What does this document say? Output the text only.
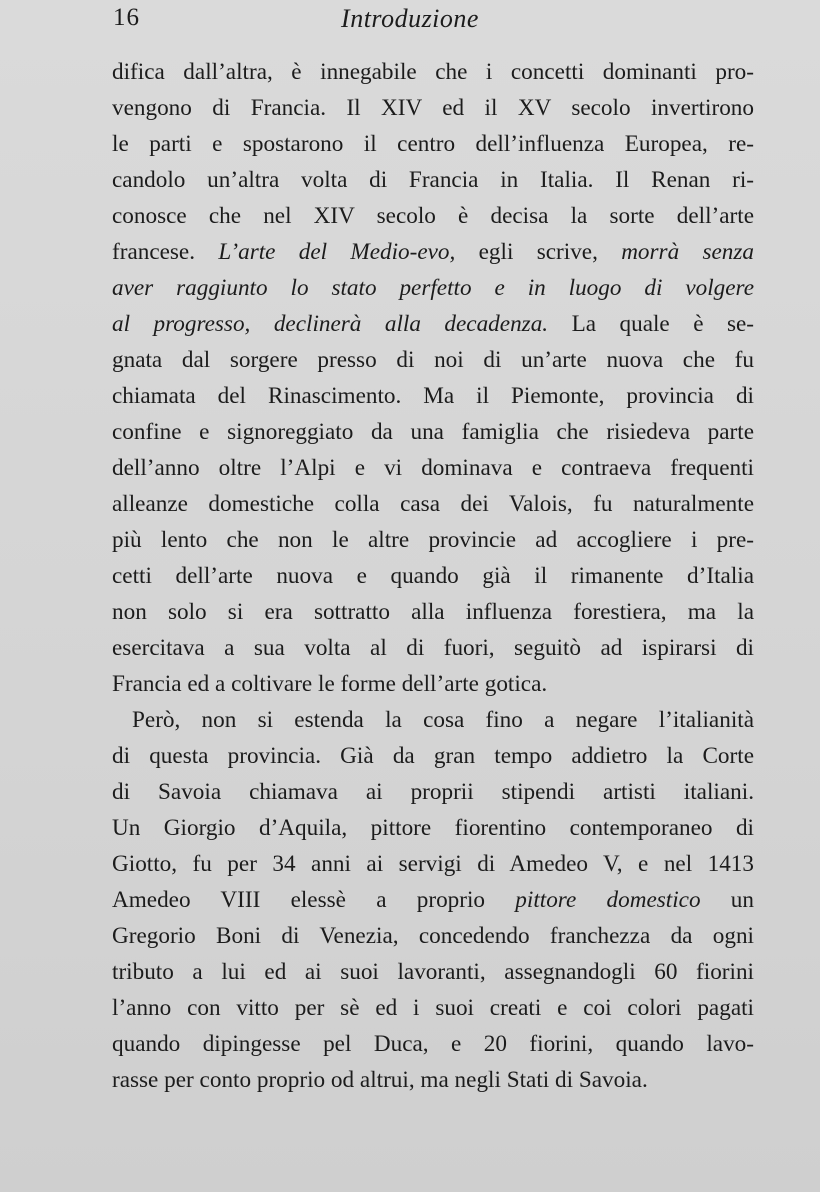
16	Introduzione
difica dall’altra, è innegabile che i concetti dominanti pro-
vengono di Francia. Il XIV ed il XV secolo invertirono
le parti e spostarono il centro dell’influenza Europea, re-
candolo un’altra volta di Francia in Italia. Il Renan ri-
conosce che nel XIV secolo è decisa la sorte dell’arte
francese. L’arte del Medio-evo, egli scrive, morrà senza
aver raggiunto lo stato perfetto e in luogo di volgere
al progresso, declinerà alla decadenza. La quale è se-
gnata dal sorgere presso di noi di un’arte nuova che fu
chiamata del Rinascimento. Ma il Piemonte, provincia di
confine e signoreggiato da una famiglia che risiedeva parte
dell’anno oltre l’Alpi e vi dominava e contraeva frequenti
alleanze domestiche colla casa dei Valois, fu naturalmente
più lento che non le altre provincie ad accogliere i pre-
cetti dell’arte nuova e quando già il rimanente d’Italia
non solo si era sottratto alla influenza forestiera, ma la
esercitava a sua volta al di fuori, seguitò ad ispirarsi di
Francia ed a coltivare le forme dell’arte gotica.
Però, non si estenda la cosa fino a negare l’italianità
di questa provincia. Già da gran tempo addietro la Corte
di Savoia chiamava ai proprii stipendi artisti italiani.
Un Giorgio d’Aquila, pittore fiorentino contemporaneo di
Giotto, fu per 34 anni ai servigi di Amedeo V, e nel 1413
Amedeo VIII elessè a proprio pittore domestico un
Gregorio Boni di Venezia, concedendo franchezza da ogni
tributo a lui ed ai suoi lavoranti, assegnandogli 60 fiorini
l’anno con vitto per sè ed i suoi creati e coi colori pagati
quando dipingesse pel Duca, e 20 fiorini, quando lavo-
rasse per conto proprio od altrui, ma negli Stati di Savoia.
